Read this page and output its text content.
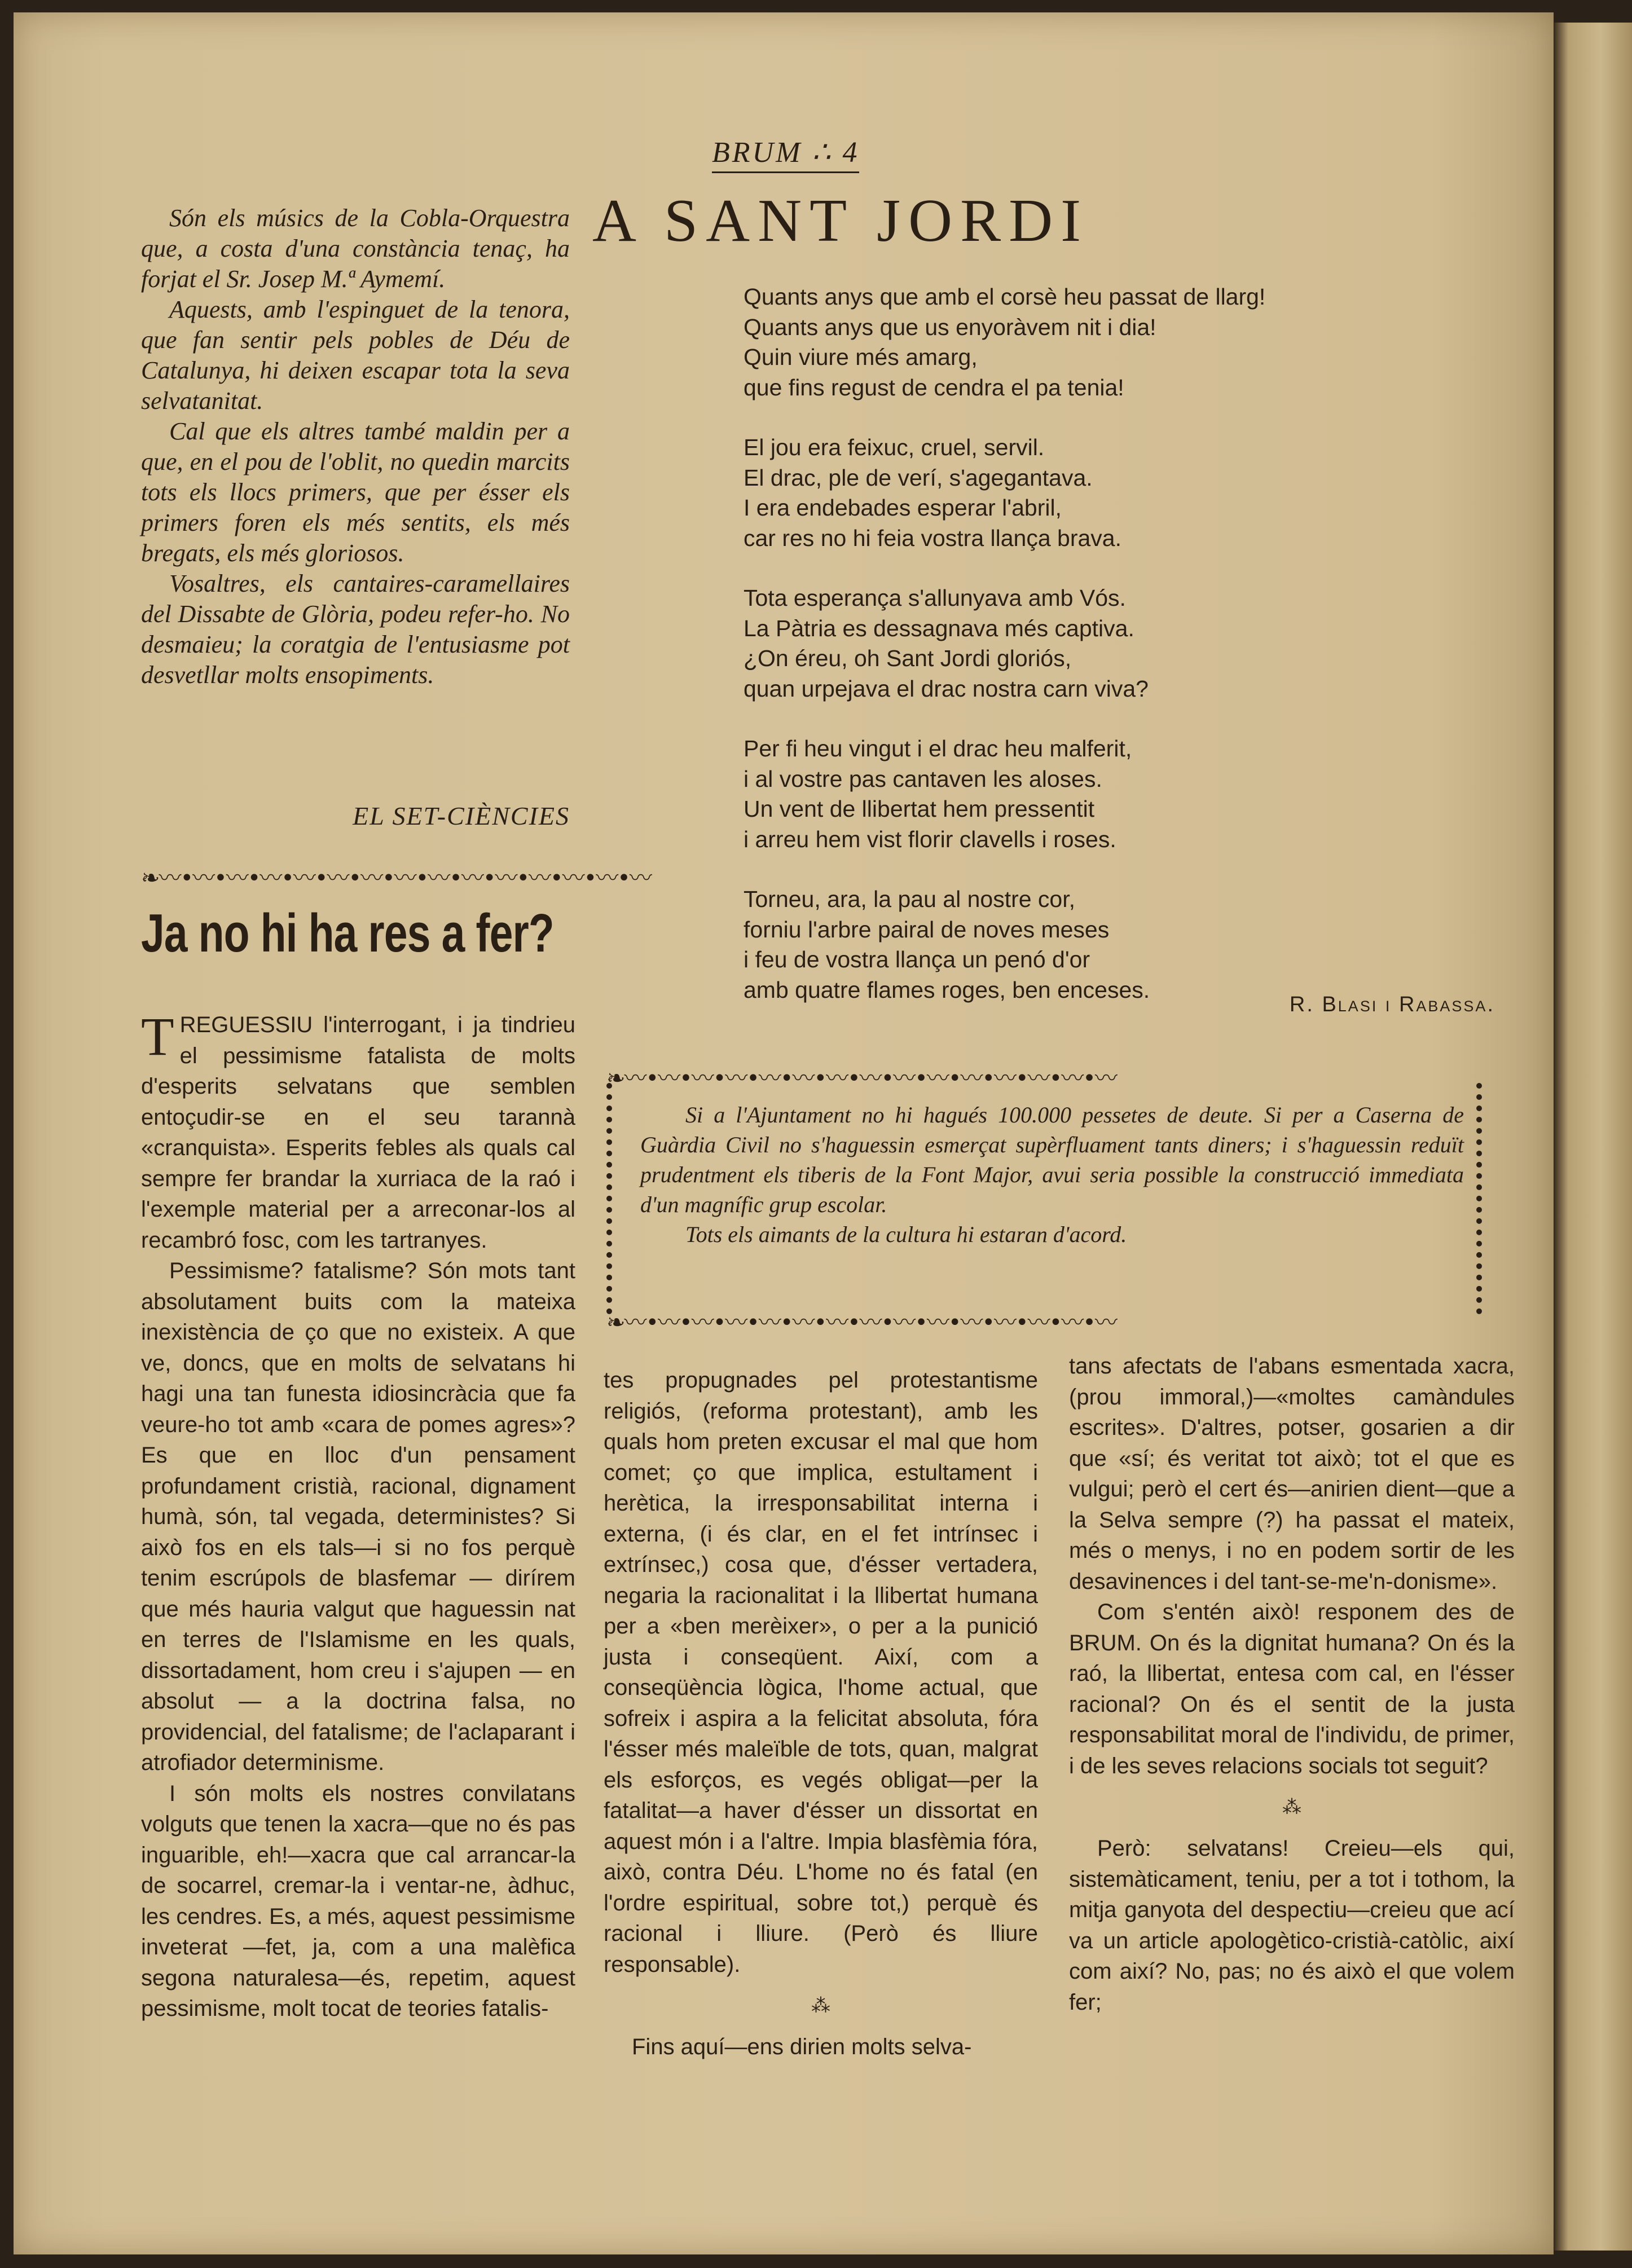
BRUM ∴ 4

Són els músics de la Cobla-Orquestra que, a costa d'una constància tenaç, ha forjat el Sr. Josep M.ª Aymemí.

Aquests, amb l'espinguet de la tenora, que fan sentir pels pobles de Déu de Catalunya, hi deixen escapar tota la seva selvatanitat.

Cal que els altres també maldin per a que, en el pou de l'oblit, no quedin marcits tots els llocs primers, que per ésser els primers foren els més sentits, els més bregats, els més gloriosos.

Vosaltres, els cantaires-caramellaires del Dissabte de Glòria, podeu refer-ho. No desmaieu; la coratgia de l'entusiasme pot desvetllar molts ensopiments.

EL SET-CIÈNCIES
❧〰•〰•〰•〰•〰•〰•〰•〰•〰•〰•〰•〰•〰•〰•〰
A SANT JORDI
Quants anys que amb el corsè heu passat de llarg!
Quants anys que us enyoràvem nit i dia!
Quin viure més amarg,
que fins regust de cendra el pa tenia!
El jou era feixuc, cruel, servil.
El drac, ple de verí, s'agegantava.
I era endebades esperar l'abril,
car res no hi feia vostra llança brava.
Tota esperança s'allunyava amb Vós.
La Pàtria es dessagnava més captiva.
¿On éreu, oh Sant Jordi gloriós,
quan urpejava el drac nostra carn viva?
Per fi heu vingut i el drac heu malferit,
i al vostre pas cantaven les aloses.
Un vent de llibertat hem pressentit
i arreu hem vist florir clavells i roses.
Torneu, ara, la pau al nostre cor,
forniu l'arbre pairal de noves meses
i feu de vostra llança un penó d'or
amb quatre flames roges, ben enceses.
R. Blasi i Rabassa.
❧〰•〰•〰•〰•〰•〰•〰•〰•〰•〰•〰•〰•〰•〰•〰

Si a l'Ajuntament no hi hagués 100.000 pessetes de deute. Si per a Caserna de Guàrdia Civil no s'haguessin esmerçat supèrfluament tants diners; i s'haguessin reduït prudentment els tiberis de la Font Major, avui seria possible la construcció immediata d'un magnífic grup escolar.

Tots els aimants de la cultura hi estaran d'acord.

❧〰•〰•〰•〰•〰•〰•〰•〰•〰•〰•〰•〰•〰•〰•〰
Ja no hi ha res a fer?

TREGUESSIU l'interrogant, i ja tindrieu el pessimisme fatalista de molts d'esperits selvatans que semblen entoçudir-se en el seu tarannà «cranquista». Esperits febles als quals cal sempre fer brandar la xurriaca de la raó i l'exemple material per a arreconar-los al recambró fosc, com les tartranyes.

Pessimisme? fatalisme? Són mots tant absolutament buits com la mateixa inexistència de ço que no existeix. A que ve, doncs, que en molts de selvatans hi hagi una tan funesta idiosincràcia que fa veure-ho tot amb «cara de pomes agres»? Es que en lloc d'un pensament profundament cristià, racional, dignament humà, són, tal vegada, deterministes? Si això fos en els tals—i si no fos perquè tenim escrúpols de blasfemar — dirírem que més hauria valgut que haguessin nat en terres de l'Islamisme en les quals, dissortadament, hom creu i s'ajupen — en absolut — a la doctrina falsa, no providencial, del fatalisme; de l'aclaparant i atrofiador determinisme.

I són molts els nostres convilatans volguts que tenen la xacra—que no és pas inguarible, eh!—xacra que cal arrancar-la de socarrel, cremar-la i ventar-ne, àdhuc, les cendres. Es, a més, aquest pessimisme inveterat —fet, ja, com a una malèfica segona naturalesa—és, repetim, aquest pessimisme, molt tocat de teories fatalis-

tes propugnades pel protestantisme religiós, (reforma protestant), amb les quals hom preten excusar el mal que hom comet; ço que implica, estultament i herètica, la irresponsabilitat interna i externa, (i és clar, en el fet intrínsec i extrínsec,) cosa que, d'ésser vertadera, negaria la racionalitat i la llibertat humana per a «ben merèixer», o per a la punició justa i conseqüent. Així, com a conseqüència lògica, l'home actual, que sofreix i aspira a la felicitat absoluta, fóra l'ésser més maleïble de tots, quan, malgrat els esforços, es vegés obligat—per la fatalitat—a haver d'ésser un dissortat en aquest món i a l'altre. Impia blasfèmia fóra, això, contra Déu. L'home no és fatal (en l'ordre espiritual, sobre tot,) perquè és racional i lliure. (Però és lliure responsable).

⁂

Fins aquí—ens dirien molts selva-

tans afectats de l'abans esmentada xacra, (prou immoral,)—«moltes camàndules escrites». D'altres, potser, gosarien a dir que «sí; és veritat tot això; tot el que es vulgui; però el cert és—anirien dient—que a la Selva sempre (?) ha passat el mateix, més o menys, i no en podem sortir de les desavinences i del tant-se-me'n-donisme».

Com s'entén això! responem des de BRUM. On és la dignitat humana? On és la raó, la llibertat, entesa com cal, en l'ésser racional? On és el sentit de la justa responsabilitat moral de l'individu, de primer, i de les seves relacions socials tot seguit?

⁂

Però: selvatans! Creieu—els qui, sistemàticament, teniu, per a tot i tothom, la mitja ganyota del despectiu—creieu que ací va un article apologètico-cristià-catòlic, així com així? No, pas; no és això el que volem fer;
